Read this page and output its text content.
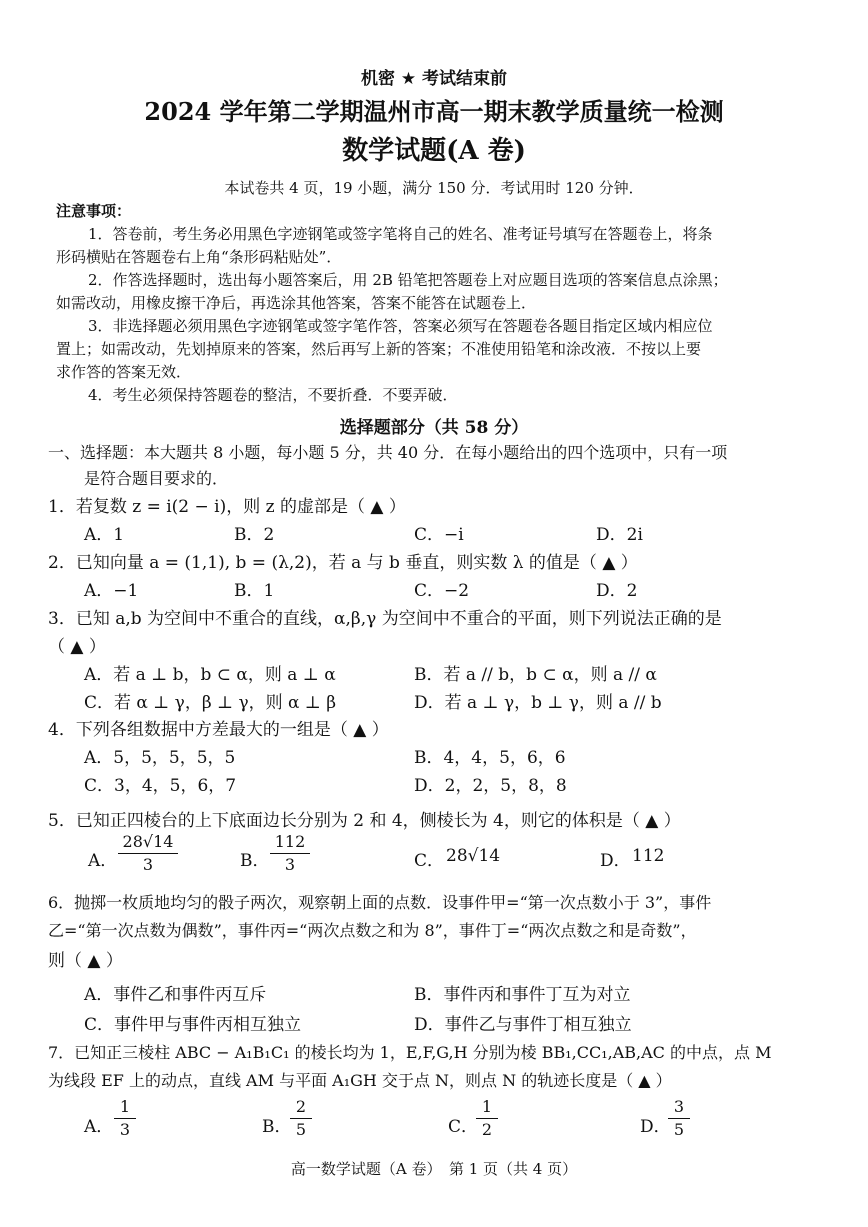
机密 ★ 考试结束前
2024 学年第二学期温州市高一期末教学质量统一检测
数学试题(A 卷)
本试卷共 4 页，19 小题，满分 150 分．考试用时 120 分钟．
注意事项：
1．答卷前，考生务必用黑色字迹钢笔或签字笔将自己的姓名、准考证号填写在答题卷上，将条
形码横贴在答题卷右上角“条形码粘贴处”．
2．作答选择题时，选出每小题答案后，用 2B 铅笔把答题卷上对应题目选项的答案信息点涂黑；
如需改动，用橡皮擦干净后，再选涂其他答案，答案不能答在试题卷上．
3．非选择题必须用黑色字迹钢笔或签字笔作答，答案必须写在答题卷各题目指定区域内相应位
置上；如需改动，先划掉原来的答案，然后再写上新的答案；不准使用铅笔和涂改液．不按以上要
求作答的答案无效．
4．考生必须保持答题卷的整洁，不要折叠．不要弄破．
选择题部分（共 58 分）
一、选择题：本大题共 8 小题，每小题 5 分，共 40 分．在每小题给出的四个选项中，只有一项
是符合题目要求的．
1．若复数 z = i(2 − i)，则 z 的虚部是（ ▲ ）
A．1	B．2	C．−i	D．2i
2．已知向量 a = (1,1), b = (λ,2)，若 a 与 b 垂直，则实数 λ 的值是（ ▲ ）
A．−1	B．1	C．−2	D．2
3．已知 a,b 为空间中不重合的直线，α,β,γ 为空间中不重合的平面，则下列说法正确的是
（ ▲ ）
A．若 a ⊥ b，b ⊂ α，则 a ⊥ α	B．若 a // b，b ⊂ α，则 a // α
C．若 α ⊥ γ，β ⊥ γ，则 α ⊥ β	D．若 a ⊥ γ，b ⊥ γ，则 a // b
4．下列各组数据中方差最大的一组是（ ▲ ）
A．5，5，5，5，5	B．4，4，5，6，6
C．3，4，5，6，7	D．2，2，5，8，8
5．已知正四棱台的上下底面边长分别为 2 和 4，侧棱长为 4，则它的体积是（ ▲ ）
A．
28√14
3	B．
112
3	C． 28√14	D． 112
6．抛掷一枚质地均匀的骰子两次，观察朝上面的点数．设事件甲=“第一次点数小于 3”，事件
乙=“第一次点数为偶数”，事件丙=“两次点数之和为 8”，事件丁=“两次点数之和是奇数”，
则（ ▲ ）
A．事件乙和事件丙互斥	B．事件丙和事件丁互为对立
C．事件甲与事件丙相互独立	D．事件乙与事件丁相互独立
7．已知正三棱柱 ABC − A₁B₁C₁ 的棱长均为 1，E,F,G,H 分别为棱 BB₁,CC₁,AB,AC 的中点，点 M
为线段 EF 上的动点，直线 AM 与平面 A₁GH 交于点 N，则点 N 的轨迹长度是（ ▲ ）
A．
1
3	B．
2
5	C．
1
2	D．
3
5
高一数学试题（A 卷）　第 1 页（共 4 页）
